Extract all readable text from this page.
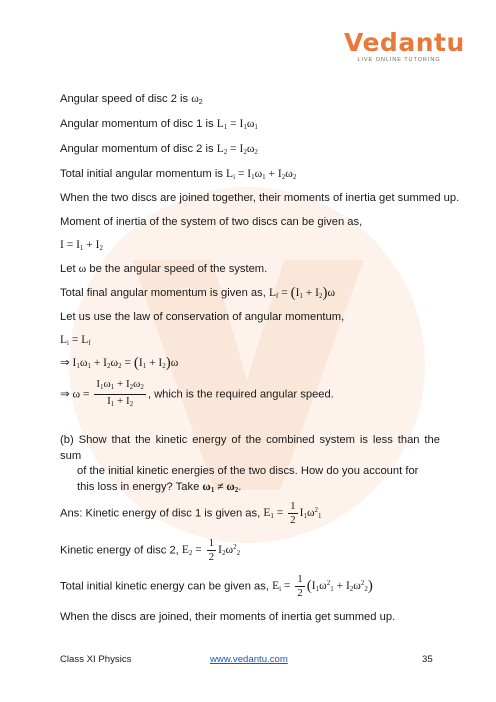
Vedantu
LIVE ONLINE TUTORING
Angular speed of disc 2 is $\omega_2$
Angular momentum of disc 1 is $L_1 = I_1\omega_1$
Angular momentum of disc 2 is $L_2 = I_2\omega_2$
Total initial angular momentum is $L_i = I_1\omega_1 + I_2\omega_2$
When the two discs are joined together, their moments of inertia get summed up.
Moment of inertia of the system of two discs can be given as,
$I = I_1 + I_2$
Let ω be the angular speed of the system.
Total final angular momentum is given as, $L_f = (I_1 + I_2)\omega$
Let us use the law of conservation of angular momentum,
$L_i = L_f$
⇒ $I_1\omega_1 + I_2\omega_2 = (I_1 + I_2)\omega$
⇒ $\omega = \frac{I_1\omega_1 + I_2\omega_2}{I_1 + I_2}$ , which is the required angular speed.
(b) Show that the kinetic energy of the combined system is less than the sum
of the initial kinetic energies of the two discs. How do you account for
this loss in energy? Take $\omega_1 \ne \omega_2$.
Ans: Kinetic energy of disc 1 is given as, $E_1 = \frac{1}{2} I_1\omega^2_1$
Kinetic energy of disc 2, $E_2 = \frac{1}{2} I_2\omega^2_2$
Total initial kinetic energy can be given as, $E_i = \frac{1}{2} (I_1\omega^2_1 + I_2\omega^2_2)$
When the discs are joined, their moments of inertia get summed up.
Class XI Physics	www.vedantu.com	35
